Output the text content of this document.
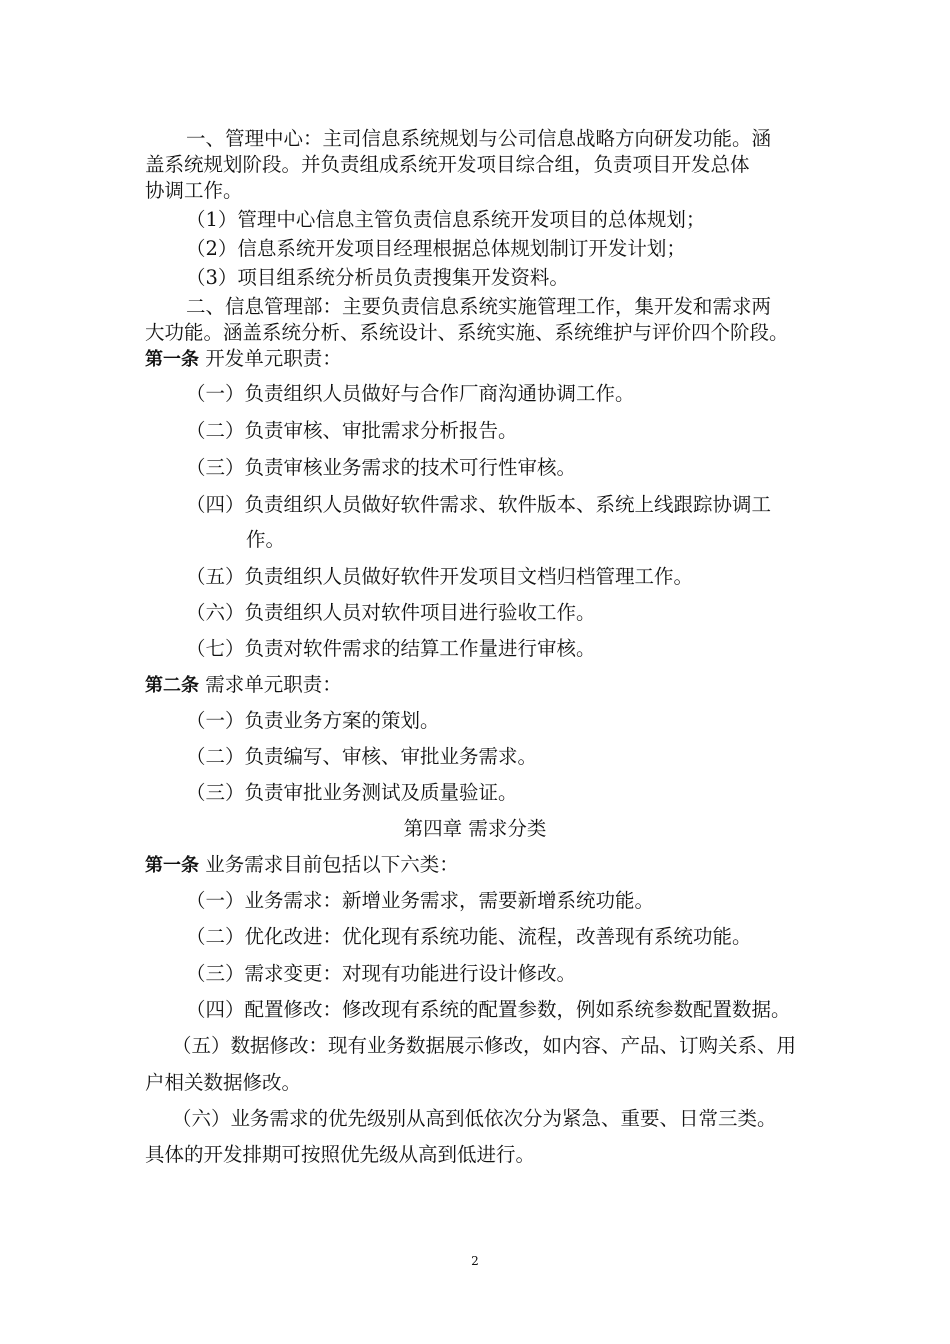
一、管理中心：主司信息系统规划与公司信息战略方向研发功能。涵
盖系统规划阶段。并负责组成系统开发项目综合组，负责项目开发总体
协调工作。
（1）管理中心信息主管负责信息系统开发项目的总体规划；
（2）信息系统开发项目经理根据总体规划制订开发计划；
（3）项目组系统分析员负责搜集开发资料。
二、信息管理部：主要负责信息系统实施管理工作，集开发和需求两
大功能。涵盖系统分析、系统设计、系统实施、系统维护与评价四个阶段。
第一条 开发单元职责：
（一）负责组织人员做好与合作厂商沟通协调工作。
（二）负责审核、审批需求分析报告。
（三）负责审核业务需求的技术可行性审核。
（四）负责组织人员做好软件需求、软件版本、系统上线跟踪协调工
作。
（五）负责组织人员做好软件开发项目文档归档管理工作。
（六）负责组织人员对软件项目进行验收工作。
（七）负责对软件需求的结算工作量进行审核。
第二条 需求单元职责：
（一）负责业务方案的策划。
（二）负责编写、审核、审批业务需求。
（三）负责审批业务测试及质量验证。
第四章 需求分类
第一条 业务需求目前包括以下六类：
（一）业务需求：新增业务需求，需要新增系统功能。
（二）优化改进：优化现有系统功能、流程，改善现有系统功能。
（三）需求变更：对现有功能进行设计修改。
（四）配置修改：修改现有系统的配置参数，例如系统参数配置数据。
（五）数据修改：现有业务数据展示修改，如内容、产品、订购关系、用
户相关数据修改。
（六）业务需求的优先级别从高到低依次分为紧急、重要、日常三类。
具体的开发排期可按照优先级从高到低进行。
2
